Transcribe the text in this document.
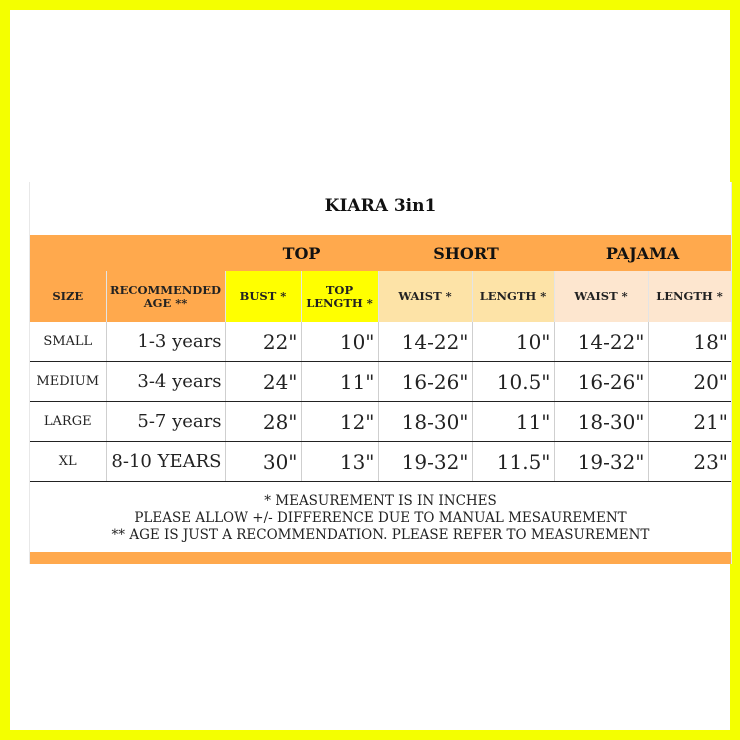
KIARA 3in1
		TOP		SHORT		PAJAMA	
SIZE	RECOMMENDED AGE **	BUST *	TOP LENGTH *	WAIST *	LENGTH *	WAIST *	LENGTH *
SMALL	1-3 years	22"	10"	14-22"	10"	14-22"	18"
MEDIUM	3-4 years	24"	11"	16-26"	10.5"	16-26"	20"
LARGE	5-7 years	28"	12"	18-30"	11"	18-30"	21"
XL	8-10 YEARS	30"	13"	19-32"	11.5"	19-32"	23"
* MEASUREMENT IS IN INCHES
PLEASE ALLOW +/- DIFFERENCE DUE TO MANUAL MESAUREMENT
** AGE IS JUST A RECOMMENDATION. PLEASE REFER TO MEASUREMENT
